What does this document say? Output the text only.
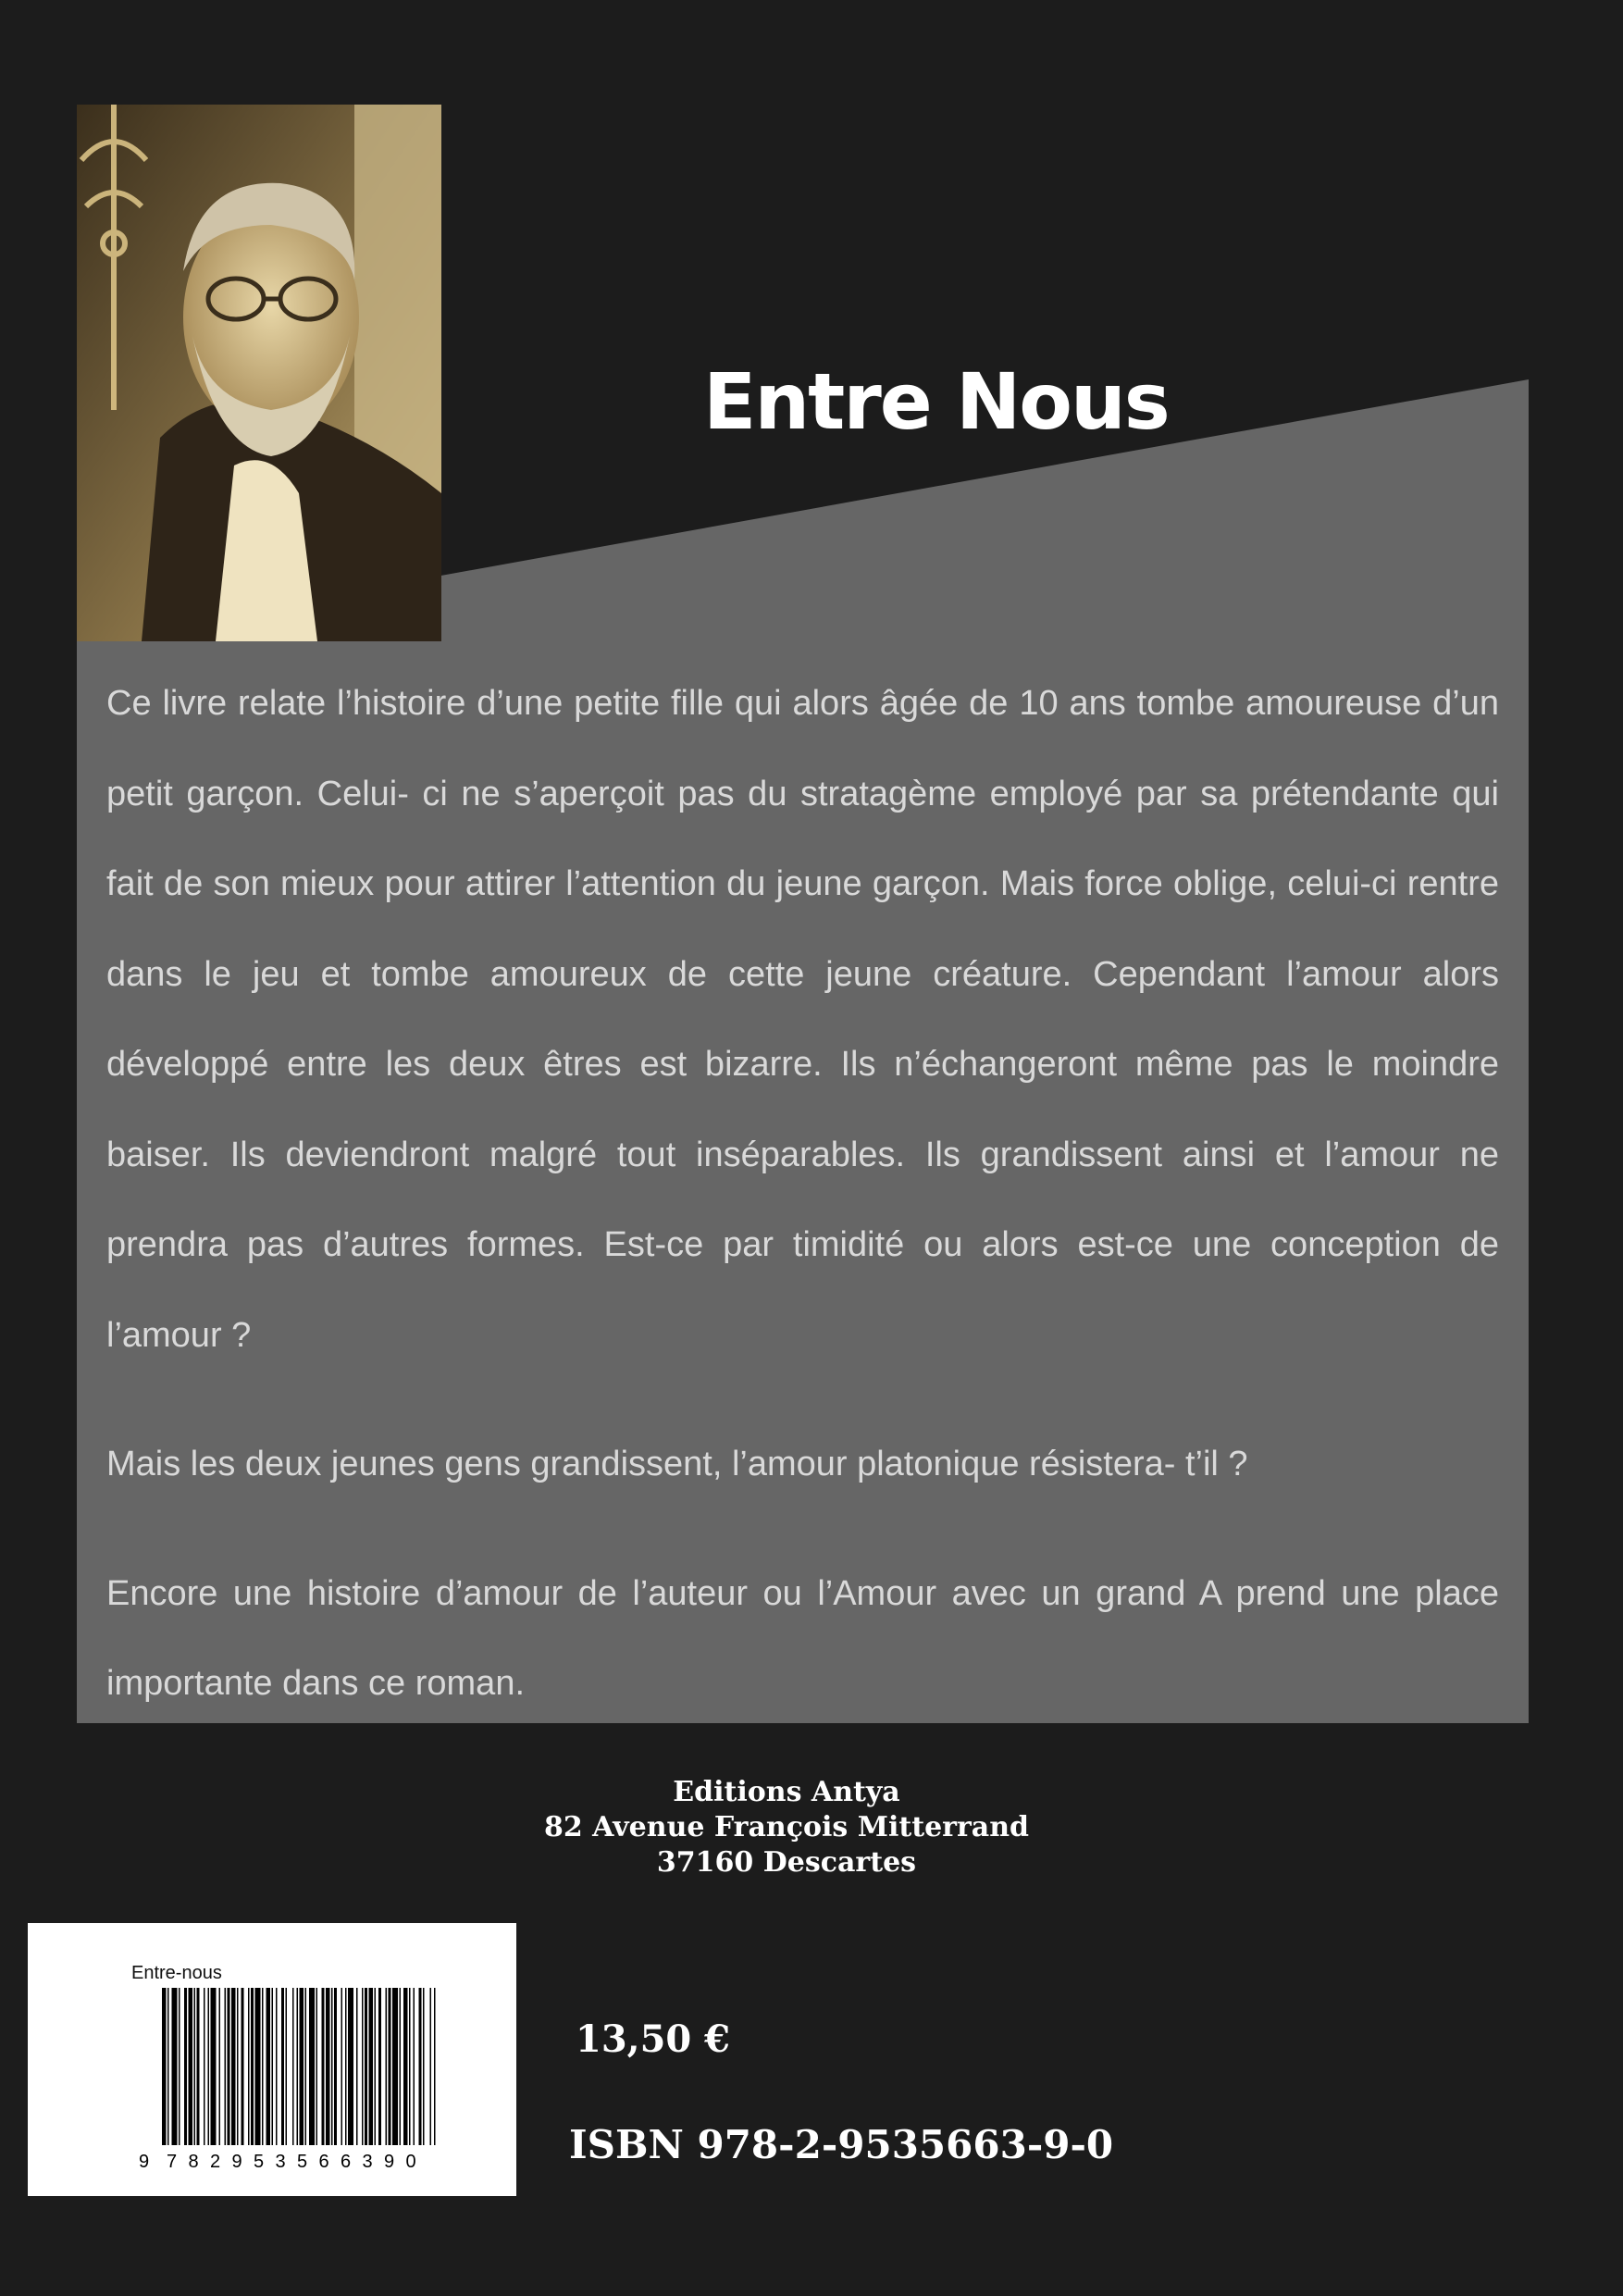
Entre Nous

Ce livre relate l’histoire d’une petite fille qui alors âgée de 10 ans tombe amoureuse d’un petit garçon. Celui- ci ne s’aperçoit pas du stratagème employé par sa prétendante qui fait de son mieux pour attirer l’attention du jeune garçon. Mais force oblige, celui-ci rentre dans le jeu et tombe amoureux de cette jeune créature. Cependant l’amour alors développé entre les deux êtres est bizarre. Ils n’échangeront même pas le moindre baiser. Ils deviendront malgré tout inséparables. Ils grandissent ainsi et l’amour ne prendra pas d’autres formes. Est-ce par timidité ou alors est-ce une conception de l’amour ?

Mais les deux jeunes gens grandissent, l’amour platonique résistera- t’il ?

Encore une histoire d’amour de l’auteur ou l’Amour avec un grand A prend une place importante dans ce roman.

Editions Antya
82 Avenue François Mitterrand
37160 Descartes
Entre-nous
9 7 8 2 9 5 3 5 6 6 3 9 0
13,50 €
ISBN 978-2-9535663-9-0
